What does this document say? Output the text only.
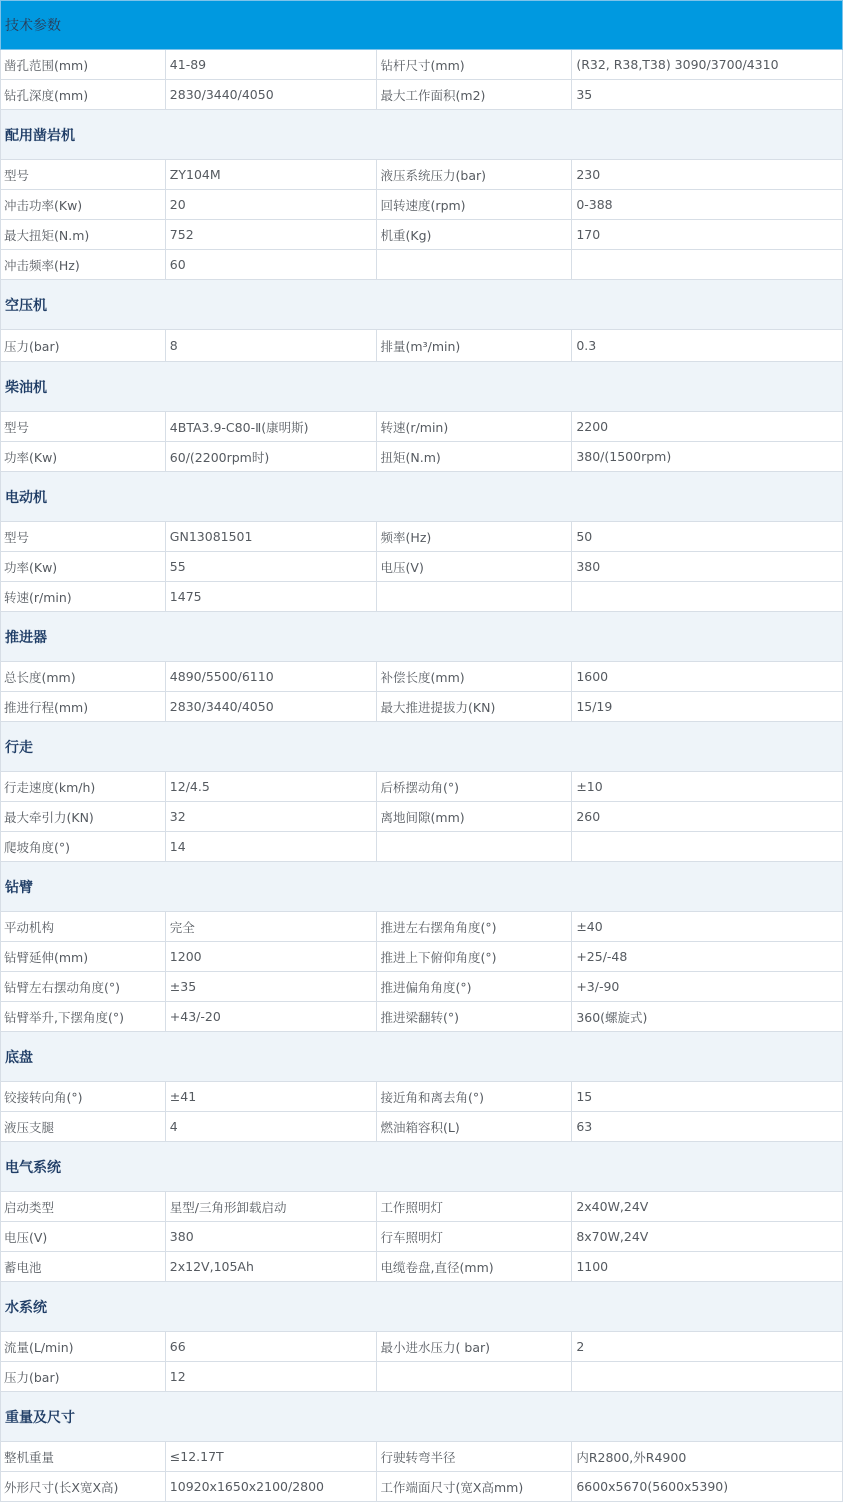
技术参数
凿孔范围(mm)	41-89	钻杆尺寸(mm)	(R32, R38,T38) 3090/3700/4310
钻孔深度(mm)	2830/3440/4050	最大工作面积(m2)	35
配用凿岩机
型号	ZY104M	液压系统压力(bar)	230
冲击功率(Kw)	20	回转速度(rpm)	0-388
最大扭矩(N.m)	752	机重(Kg)	170
冲击频率(Hz)	60
空压机
压力(bar)	8	排量(m³/min)	0.3
柴油机
型号	4BTA3.9-C80-Ⅱ(康明斯)	转速(r/min)	2200
功率(Kw)	60/(2200rpm时)	扭矩(N.m)	380/(1500rpm)
电动机
型号	GN13081501	频率(Hz)	50
功率(Kw)	55	电压(V)	380
转速(r/min)	1475
推进器
总长度(mm)	4890/5500/6110	补偿长度(mm)	1600
推进行程(mm)	2830/3440/4050	最大推进提拔力(KN)	15/19
行走
行走速度(km/h)	12/4.5	后桥摆动角(°)	±10
最大牵引力(KN)	32	离地间隙(mm)	260
爬坡角度(°)	14
钻臂
平动机构	完全	推进左右摆角角度(°)	±40
钻臂延伸(mm)	1200	推进上下俯仰角度(°)	+25/-48
钻臂左右摆动角度(°)	±35	推进偏角角度(°)	+3/-90
钻臂举升,下摆角度(°)	+43/-20	推进梁翻转(°)	360(螺旋式)
底盘
铰接转向角(°)	±41	接近角和离去角(°)	15
液压支腿	4	燃油箱容积(L)	63
电气系统
启动类型	星型/三角形卸载启动	工作照明灯	2x40W,24V
电压(V)	380	行车照明灯	8x70W,24V
蓄电池	2x12V,105Ah	电缆卷盘,直径(mm)	1100
水系统
流量(L/min)	66	最小进水压力( bar)	2
压力(bar)	12
重量及尺寸
整机重量	≤12.17T	行驶转弯半径	内R2800,外R4900
外形尺寸(长X宽X高)	10920x1650x2100/2800	工作端面尺寸(宽X高mm)	6600x5670(5600x5390)
